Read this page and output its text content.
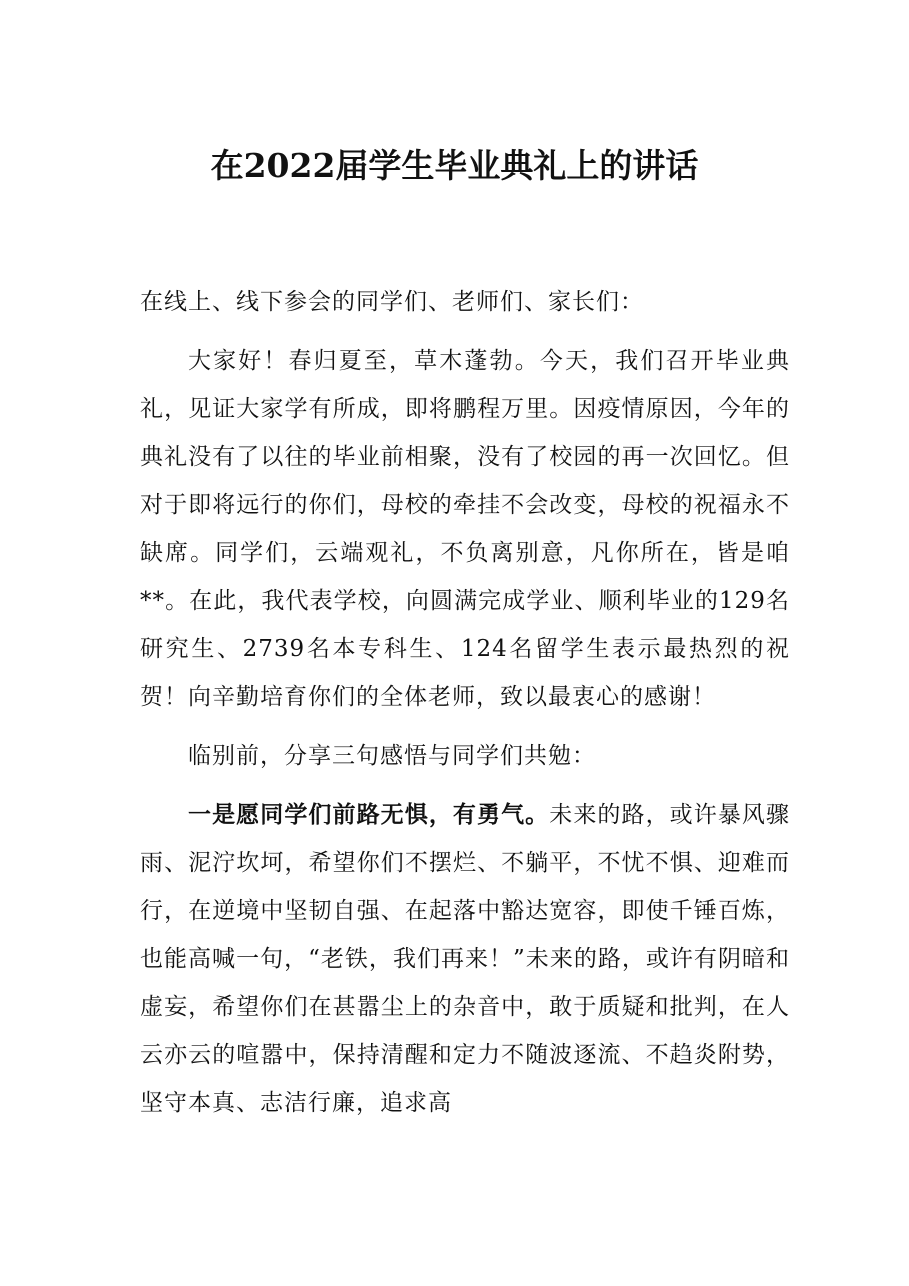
在2022届学生毕业典礼上的讲话

在线上、线下参会的同学们、老师们、家长们：

大家好！春归夏至，草木蓬勃。今天，我们召开毕业典礼，见证大家学有所成，即将鹏程万里。因疫情原因，今年的典礼没有了以往的毕业前相聚，没有了校园的再一次回忆。但对于即将远行的你们，母校的牵挂不会改变，母校的祝福永不缺席。同学们，云端观礼，不负离别意，凡你所在，皆是咱**。在此，我代表学校，向圆满完成学业、顺利毕业的129名研究生、2739名本专科生、124名留学生表示最热烈的祝贺！向辛勤培育你们的全体老师，致以最衷心的感谢！

临别前，分享三句感悟与同学们共勉：

一是愿同学们前路无惧，有勇气。未来的路，或许暴风骤雨、泥泞坎坷，希望你们不摆烂、不躺平，不忧不惧、迎难而行，在逆境中坚韧自强、在起落中豁达宽容，即使千锤百炼，也能高喊一句，“老铁，我们再来！”未来的路，或许有阴暗和虚妄，希望你们在甚嚣尘上的杂音中，敢于质疑和批判，在人云亦云的喧嚣中，保持清醒和定力不随波逐流、不趋炎附势，坚守本真、志洁行廉，追求高
